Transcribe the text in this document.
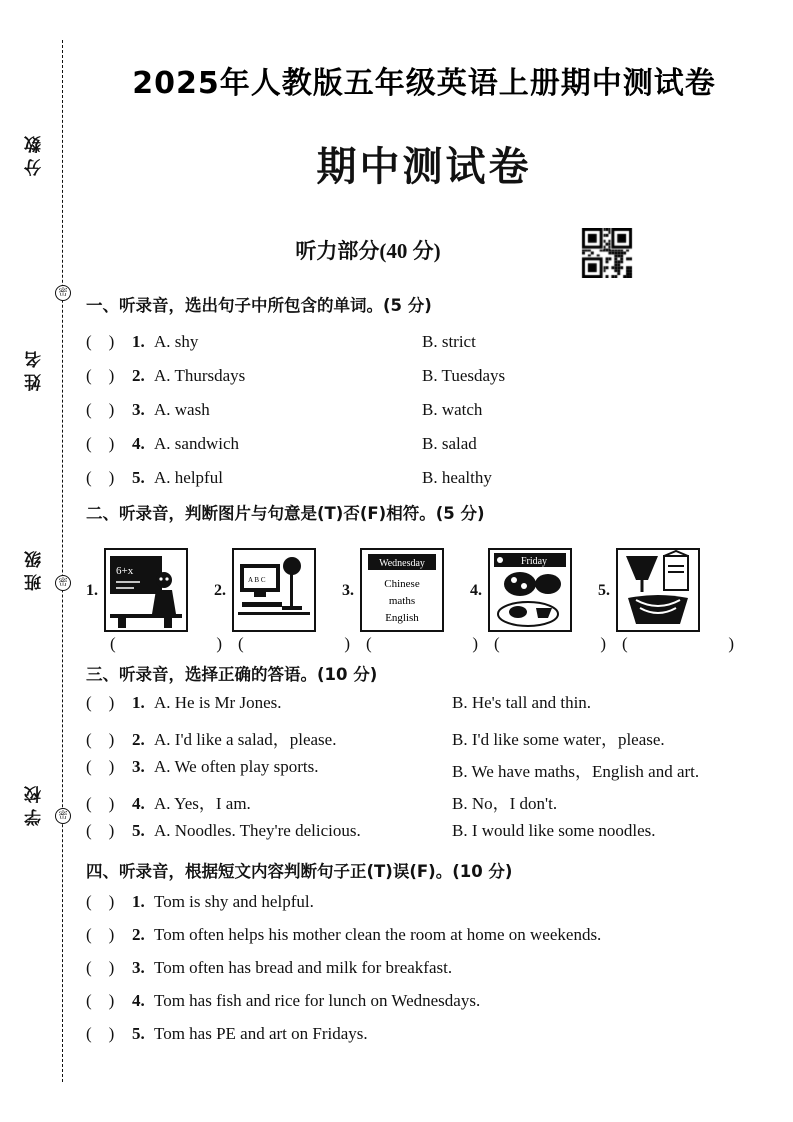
分数
姓名
班级
学校
密
密
密
2025年人教版五年级英语上册期中测试卷
期中测试卷
听力部分(40 分)
一、听录音，选出句子中所包含的单词。(5 分)
(    ) 1. A. shy	B. strict
(    ) 2. A. Thursdays	B. Tuesdays
(    ) 3. A. wash	B. watch
(    ) 4. A. sandwich	B. salad
(    ) 5. A. helpful	B. healthy
二、听录音，判断图片与句意是(T)否(F)相符。(5 分)
1.
6+x
(   )
2.
A B C
(   )
3.
Wednesday
Chinese
maths
English
(   )
4.
Friday
(   )
5.
(   )
三、听录音，选择正确的答语。(10 分)
(    ) 1. A. He is Mr Jones.	B. He's tall and thin.
(    ) 2. A. I'd like a salad，please.	B. I'd like some water，please.
(    ) 3. A. We often play sports.	B. We have maths，English and art.
(    ) 4. A. Yes，I am.	B. No，I don't.
(    ) 5. A. Noodles. They're delicious.	B. I would like some noodles.
四、听录音，根据短文内容判断句子正(T)误(F)。(10 分)
(    ) 1. Tom is shy and helpful.
(    ) 2. Tom often helps his mother clean the room at home on weekends.
(    ) 3. Tom often has bread and milk for breakfast.
(    ) 4. Tom has fish and rice for lunch on Wednesdays.
(    ) 5. Tom has PE and art on Fridays.
